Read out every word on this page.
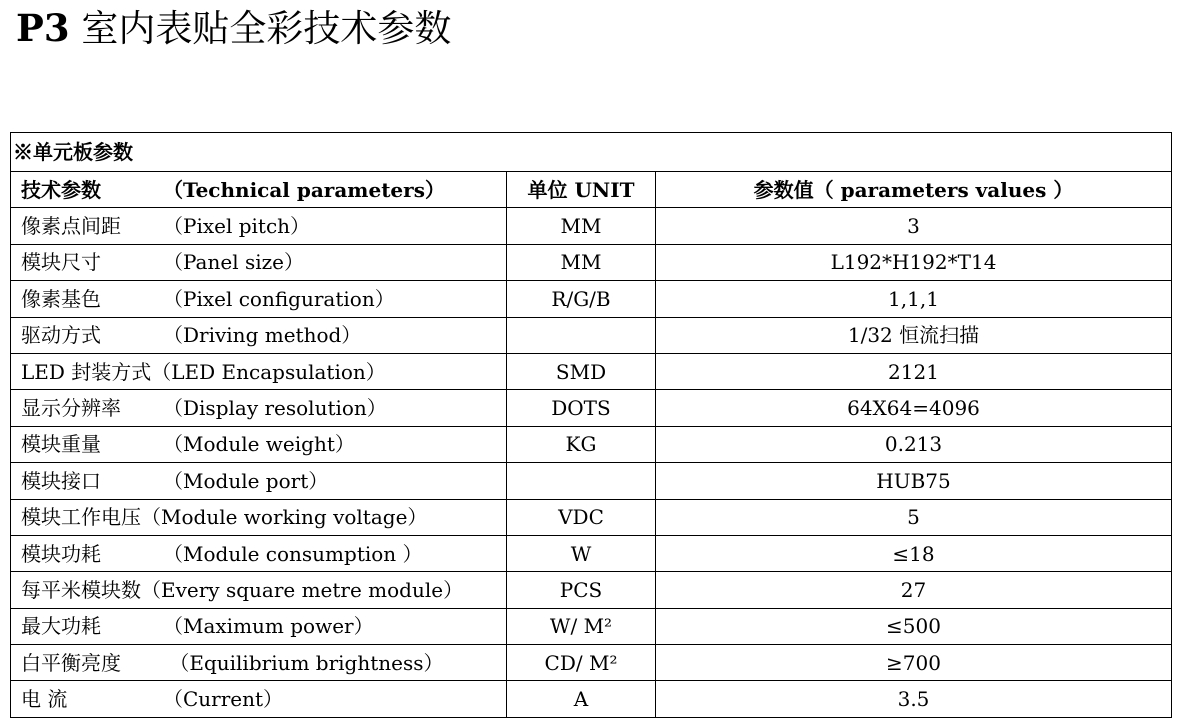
P3 室内表贴全彩技术参数
※单元板参数		
技术参数 （Technical parameters）	单位 UNIT	参数值（ parameters values ）
像素点间距 （Pixel pitch）	MM	3
模块尺寸 （Panel size）	MM	L192*H192*T14
像素基色 （Pixel configuration）	R/G/B	1,1,1
驱动方式 （Driving method）		1/32 恒流扫描
LED 封装方式（LED Encapsulation）	SMD	2121
显示分辨率 （Display resolution）	DOTS	64X64=4096
模块重量 （Module weight）	KG	0.213
模块接口 （Module port）		HUB75
模块工作电压（Module working voltage）	VDC	5
模块功耗 （Module consumption ）	W	≤18
每平米模块数（Every square metre module）	PCS	27
最大功耗 （Maximum power）	W/ M²	≤500
白平衡亮度 （Equilibrium brightness）	CD/ M²	≥700
电 流 （Current）	A	3.5
